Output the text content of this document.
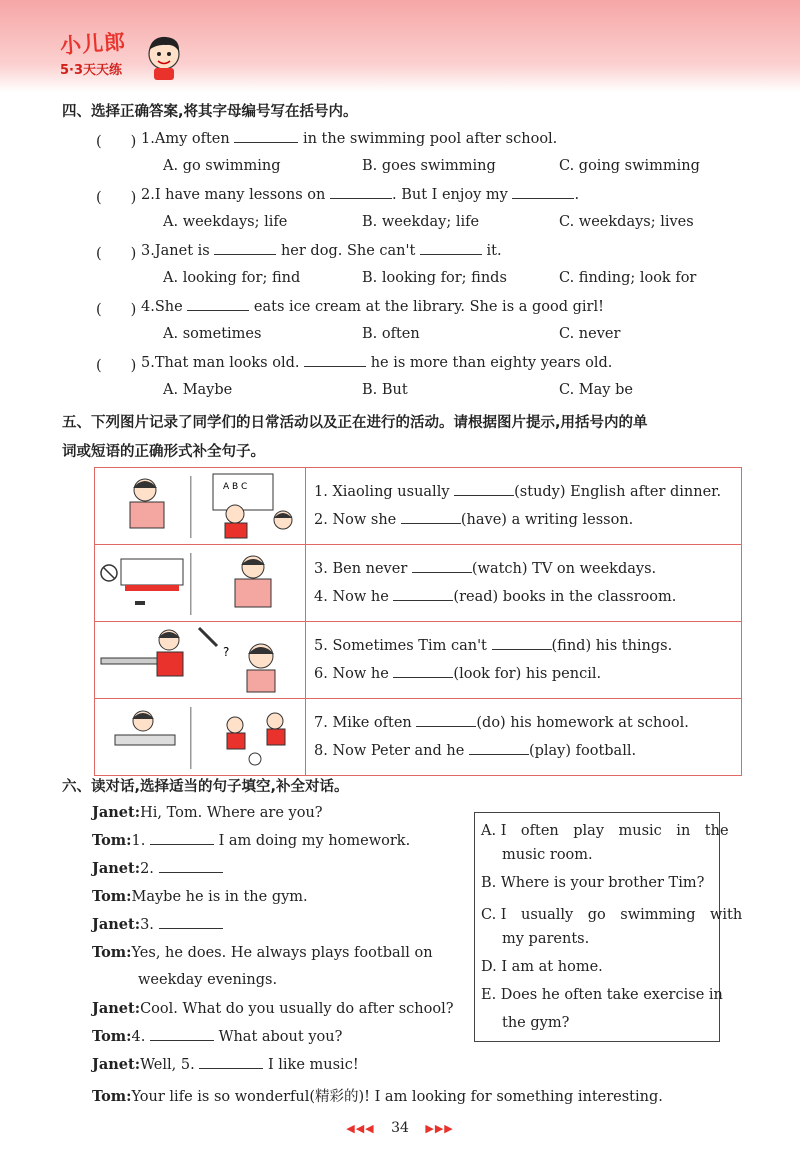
小儿郎
5·3天天练
四、选择正确答案,将其字母编号写在括号内。
(　　) 1.Amy often	in the swimming pool after school.
A. go swimming	B. goes swimming	C. going swimming
(　　) 2.I have many lessons on	. But I enjoy my	.
A. weekdays; life	B. weekday; life	C. weekdays; lives
(　　) 3.Janet is	her dog. She can't	it.
A. looking for; find	B. looking for; finds	C. finding; look for
(　　) 4.She	eats ice cream at the library. She is a good girl!
A. sometimes	B. often	C. never
(　　) 5.That man looks old.	he is more than eighty years old.
A. Maybe	B. But	C. May be
五、下列图片记录了同学们的日常活动以及正在进行的活动。请根据图片提示,用括号内的单
词或短语的正确形式补全句子。
A B C	1. Xiaoling usually (study) English after dinner.
2. Now she (have) a writing lesson.

3. Ben never (watch) TV on weekdays.
4. Now he (read) books in the classroom.

?	5. Sometimes Tim can't (find) his things.
6. Now he (look for) his pencil.

7. Mike often (do) his homework at school.
8. Now Peter and he (play) football.
六、读对话,选择适当的句子填空,补全对话。
Janet:Hi, Tom. Where are you?
Tom:1.	I am doing my homework.
Janet:2.
Tom:Maybe he is in the gym.
Janet:3.
Tom:Yes, he does. He always plays football on
weekday evenings.
Janet:Cool. What do you usually do after school?
Tom:4.	What about you?
Janet:Well, 5.	I like music!
Tom:Your life is so wonderful(精彩的)! I am looking for something interesting.
A. I　often　play　music　in　the
music room.
B. Where is your brother Tim?
C. I　usually　go　swimming　with
my parents.
D. I am at home.
E. Does he often take exercise in
the gym?
◀◀◀ 34 ▶▶▶
